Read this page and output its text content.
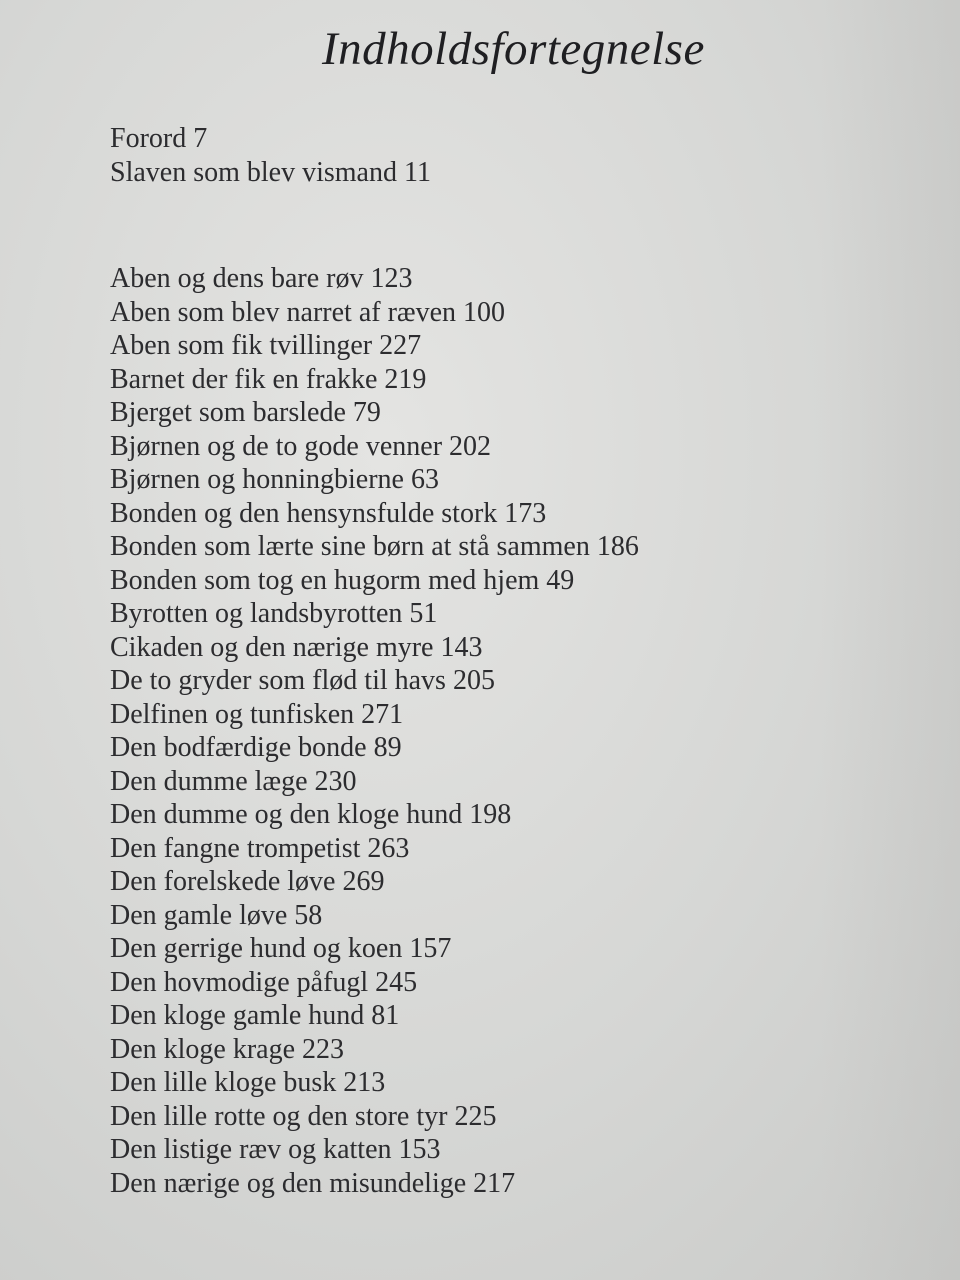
Indholdsfortegnelse
Forord 7
Slaven som blev vismand 11
Aben og dens bare røv 123
Aben som blev narret af ræven 100
Aben som fik tvillinger 227
Barnet der fik en frakke 219
Bjerget som barslede 79
Bjørnen og de to gode venner 202
Bjørnen og honningbierne 63
Bonden og den hensynsfulde stork 173
Bonden som lærte sine børn at stå sammen 186
Bonden som tog en hugorm med hjem 49
Byrotten og landsbyrotten 51
Cikaden og den nærige myre 143
De to gryder som flød til havs 205
Delfinen og tunfisken 271
Den bodfærdige bonde 89
Den dumme læge 230
Den dumme og den kloge hund 198
Den fangne trompetist 263
Den forelskede løve 269
Den gamle løve 58
Den gerrige hund og koen 157
Den hovmodige påfugl 245
Den kloge gamle hund 81
Den kloge krage 223
Den lille kloge busk 213
Den lille rotte og den store tyr 225
Den listige ræv og katten 153
Den nærige og den misundelige 217
